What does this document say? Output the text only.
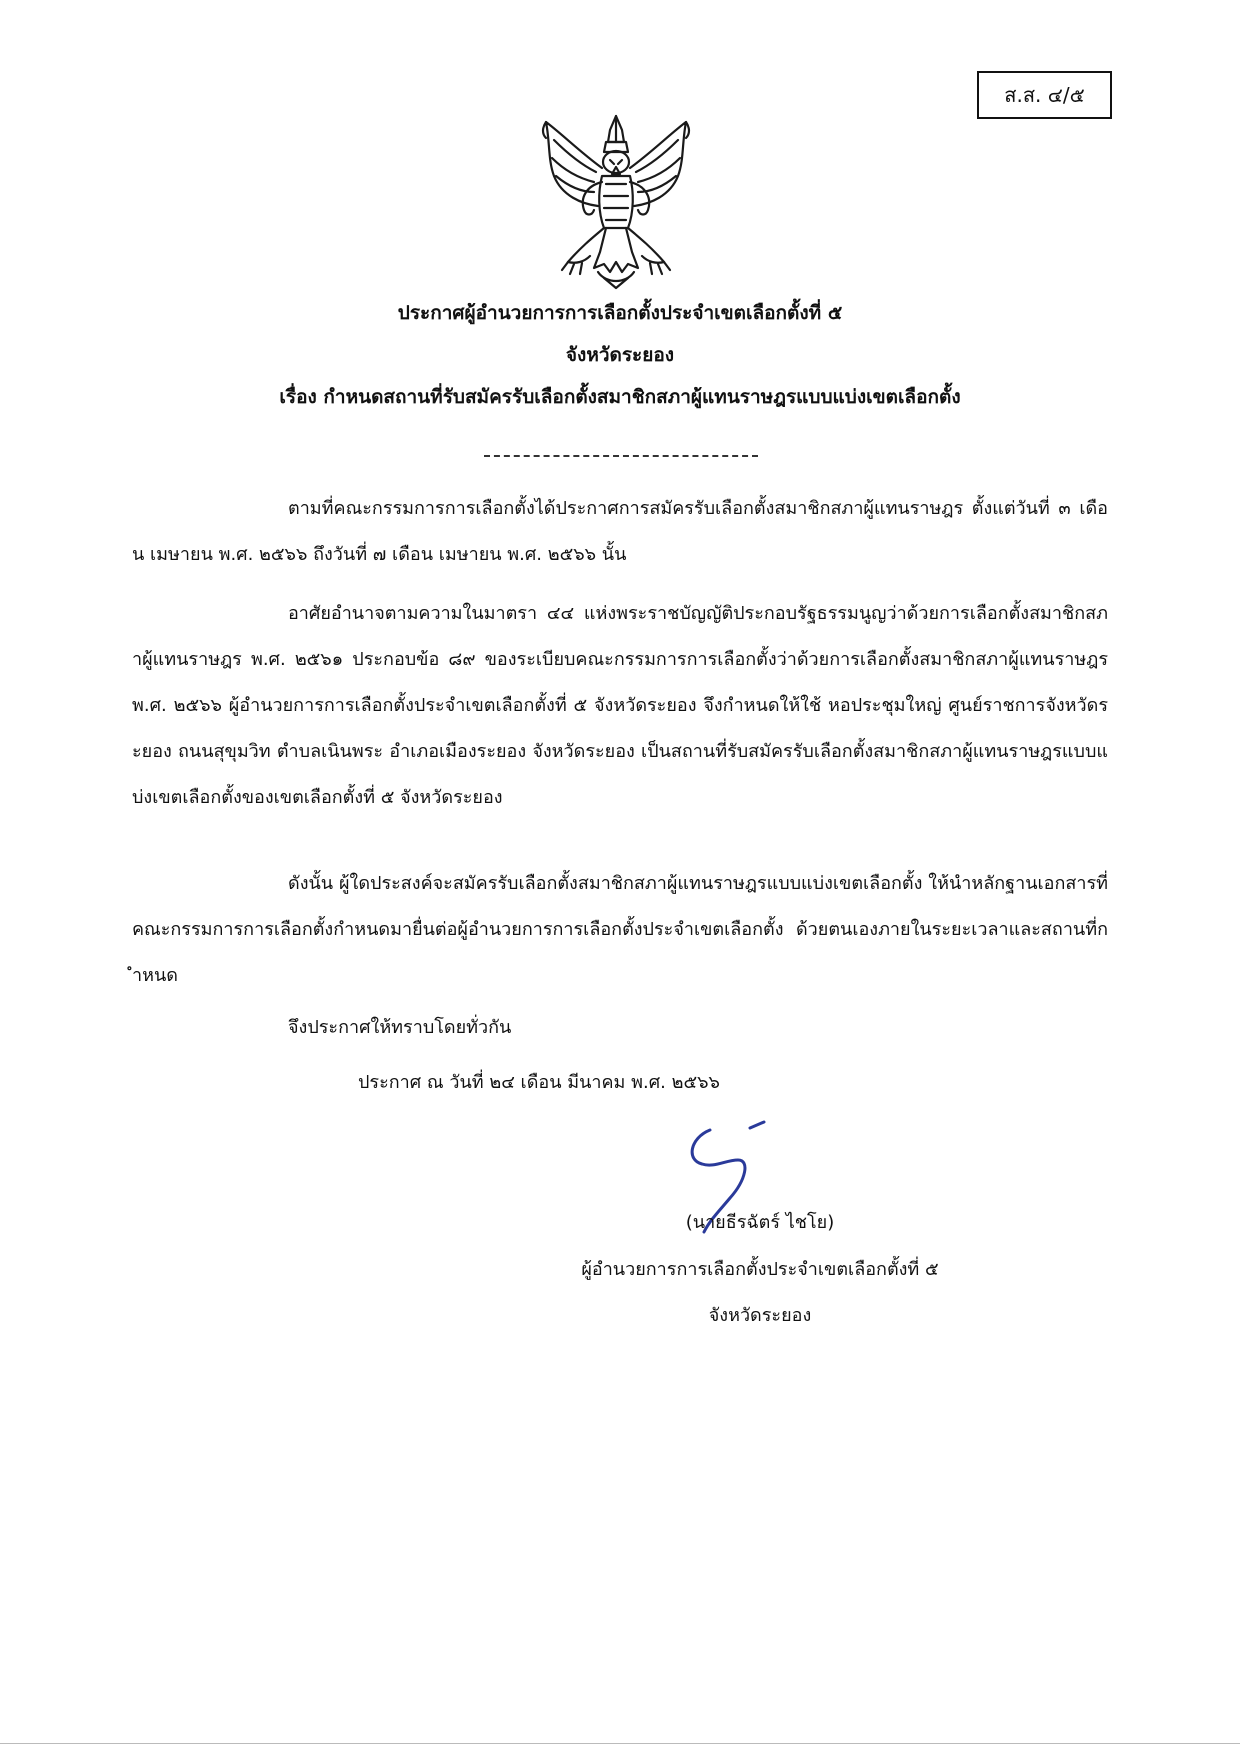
ส.ส. ๔/๕
ประกาศผู้อำนวยการการเลือกตั้งประจำเขตเลือกตั้งที่ ๕
จังหวัดระยอง
เรื่อง กำหนดสถานที่รับสมัครรับเลือกตั้งสมาชิกสภาผู้แทนราษฎรแบบแบ่งเขตเลือกตั้ง

ตามที่คณะกรรมการการเลือกตั้งได้ประกาศการสมัครรับเลือกตั้งสมาชิกสภาผู้แทนราษฎร ตั้งแต่วันที่ ๓ เดือน เมษายน พ.ศ. ๒๕๖๖ ถึงวันที่ ๗ เดือน เมษายน พ.ศ. ๒๕๖๖ นั้น

อาศัยอำนาจตามความในมาตรา ๔๔ แห่งพระราชบัญญัติประกอบรัฐธรรมนูญว่าด้วยการเลือกตั้งสมาชิกสภาผู้แทนราษฎร พ.ศ. ๒๕๖๑ ประกอบข้อ ๘๙ ของระเบียบคณะกรรมการการเลือกตั้งว่าด้วยการเลือกตั้งสมาชิกสภาผู้แทนราษฎร พ.ศ. ๒๕๖๖ ผู้อำนวยการการเลือกตั้งประจำเขตเลือกตั้งที่ ๕ จังหวัดระยอง จึงกำหนดให้ใช้ หอประชุมใหญ่ ศูนย์ราชการจังหวัดระยอง ถนนสุขุมวิท ตำบลเนินพระ อำเภอเมืองระยอง จังหวัดระยอง เป็นสถานที่รับสมัครรับเลือกตั้งสมาชิกสภาผู้แทนราษฎรแบบแบ่งเขตเลือกตั้งของเขตเลือกตั้งที่ ๕ จังหวัดระยอง

ดังนั้น ผู้ใดประสงค์จะสมัครรับเลือกตั้งสมาชิกสภาผู้แทนราษฎรแบบแบ่งเขตเลือกตั้ง ให้นำหลักฐานเอกสารที่คณะกรรมการการเลือกตั้งกำหนดมายื่นต่อผู้อำนวยการการเลือกตั้งประจำเขตเลือกตั้ง ด้วยตนเองภายในระยะเวลาและสถานที่กำหนด

จึงประกาศให้ทราบโดยทั่วกัน
ประกาศ ณ วันที่ ๒๔ เดือน มีนาคม พ.ศ. ๒๕๖๖
(นายธีรฉัตร์ ไชโย)
ผู้อำนวยการการเลือกตั้งประจำเขตเลือกตั้งที่ ๕
จังหวัดระยอง
